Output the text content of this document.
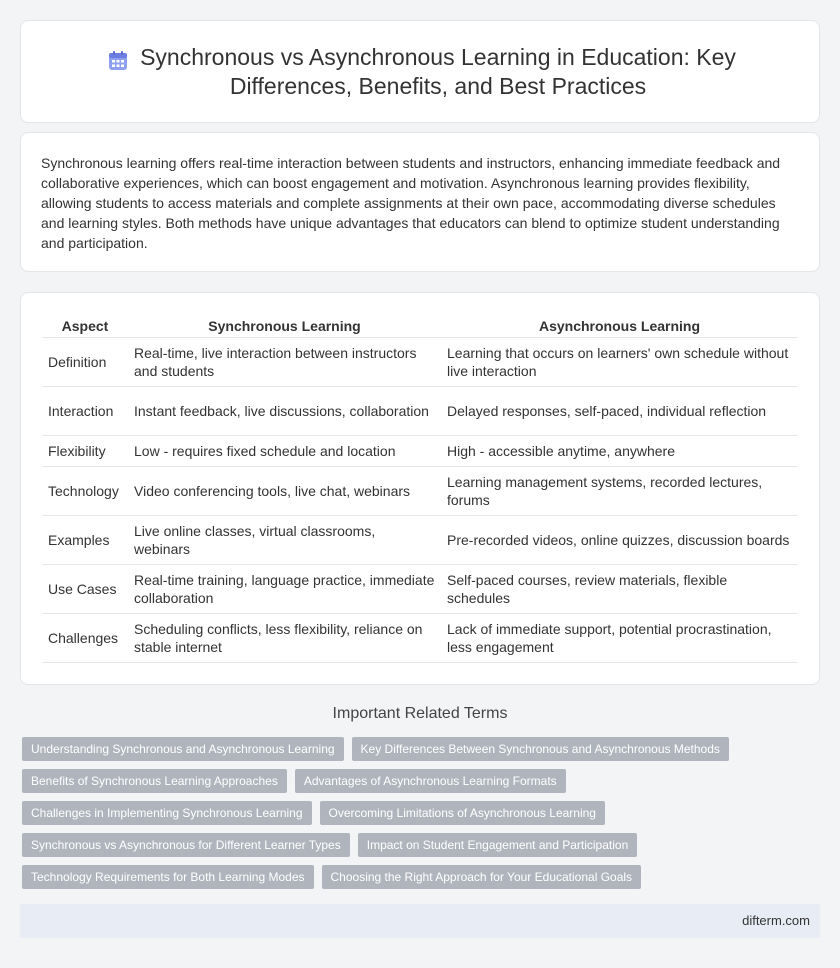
Synchronous vs Asynchronous Learning in Education: Key Differences, Benefits, and Best Practices

Synchronous learning offers real-time interaction between students and instructors, enhancing immediate feedback and collaborative experiences, which can boost engagement and motivation. Asynchronous learning provides flexibility, allowing students to access materials and complete assignments at their own pace, accommodating diverse schedules and learning styles. Both methods have unique advantages that educators can blend to optimize student understanding and participation.

Aspect	Synchronous Learning	Asynchronous Learning
Definition	Real-time, live interaction between instructors and students	Learning that occurs on learners' own schedule without live interaction
Interaction	Instant feedback, live discussions, collaboration	Delayed responses, self-paced, individual reflection
Flexibility	Low - requires fixed schedule and location	High - accessible anytime, anywhere
Technology	Video conferencing tools, live chat, webinars	Learning management systems, recorded lectures, forums
Examples	Live online classes, virtual classrooms, webinars	Pre-recorded videos, online quizzes, discussion boards
Use Cases	Real-time training, language practice, immediate collaboration	Self-paced courses, review materials, flexible schedules
Challenges	Scheduling conflicts, less flexibility, reliance on stable internet	Lack of immediate support, potential procrastination, less engagement
Important Related Terms
Understanding Synchronous and Asynchronous Learning	Key Differences Between Synchronous and Asynchronous Methods
Benefits of Synchronous Learning Approaches	Advantages of Asynchronous Learning Formats
Challenges in Implementing Synchronous Learning	Overcoming Limitations of Asynchronous Learning
Synchronous vs Asynchronous for Different Learner Types	Impact on Student Engagement and Participation
Technology Requirements for Both Learning Modes	Choosing the Right Approach for Your Educational Goals
difterm.com
